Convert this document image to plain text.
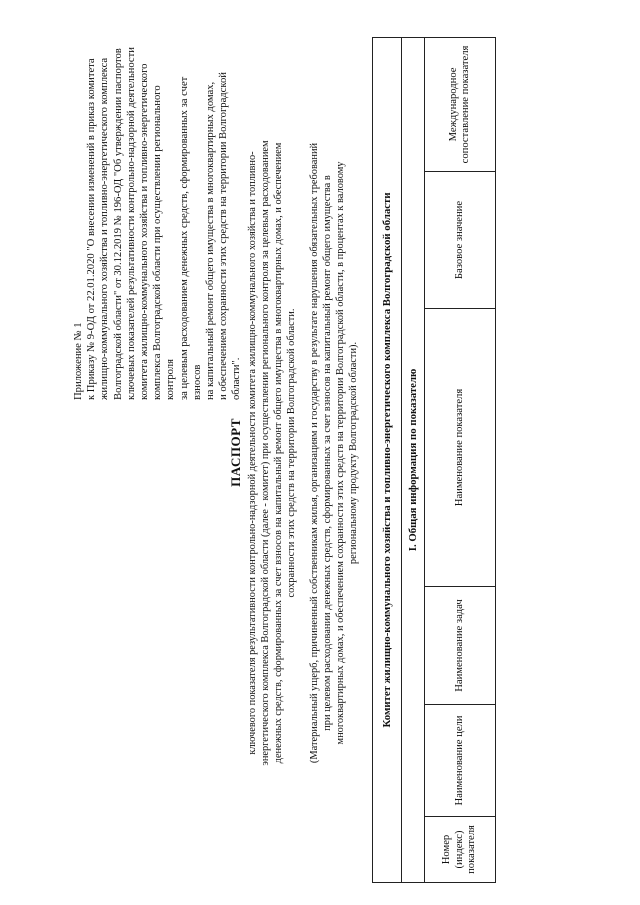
Приложение № 1 к Приказу № 9-ОД от 22.01.2020 "О внесении изменений в приказ комитета жилищно-коммунального хозяйства и топливно-энергетического комплекса Волгоградской области" от 30.12.2019 № 196-ОД "Об утверждении паспортов ключевых показателей результативности контрольно-надзорной деятельности комитета жилищно-коммунального хозяйства и топливно-энергетического комплекса Волгоградской области при осуществлении регионального контроля за целевым расходованием денежных средств, сформированных за счет взносов на капитальный ремонт общего имущества в многоквартирных домах, и обеспечением сохранности этих средств на территории Волгоградской области".

ПАСПОРТ ключевого показателя результативности контрольно-надзорной деятельности комитета жилищно-коммунального хозяйства и топливно- энергетического комплекса Волгоградской области (далее - комитет) при осуществлении регионального контроля за целевым расходованием денежных средств, сформированных за счет взносов на капитальный ремонт общего имущества в многоквартирных домах, и обеспечением сохранности этих средств на территории Волгоградской области. (Материальный ущерб, причиненный собственникам жилья, организациям и государству в результате нарушения обязательных требований при целевом расходовании денежных средств, сформированных за счет взносов на капитальный ремонт общего имущества в многоквартирных домах, и обеспечением сохранности этих средств на территории Волгоградской области, в процентах к валовому региональному продукту Волгоградской области). Комитет жилищно-коммунального хозяйства и топливно-энергетического комплекса Волгоградской области
I. Общая информация по показателю
Номер (индекс) показателя	Наименование цели	Наименование задач	Наименование показателя	Базовое значение	Международное сопоставление показателя
